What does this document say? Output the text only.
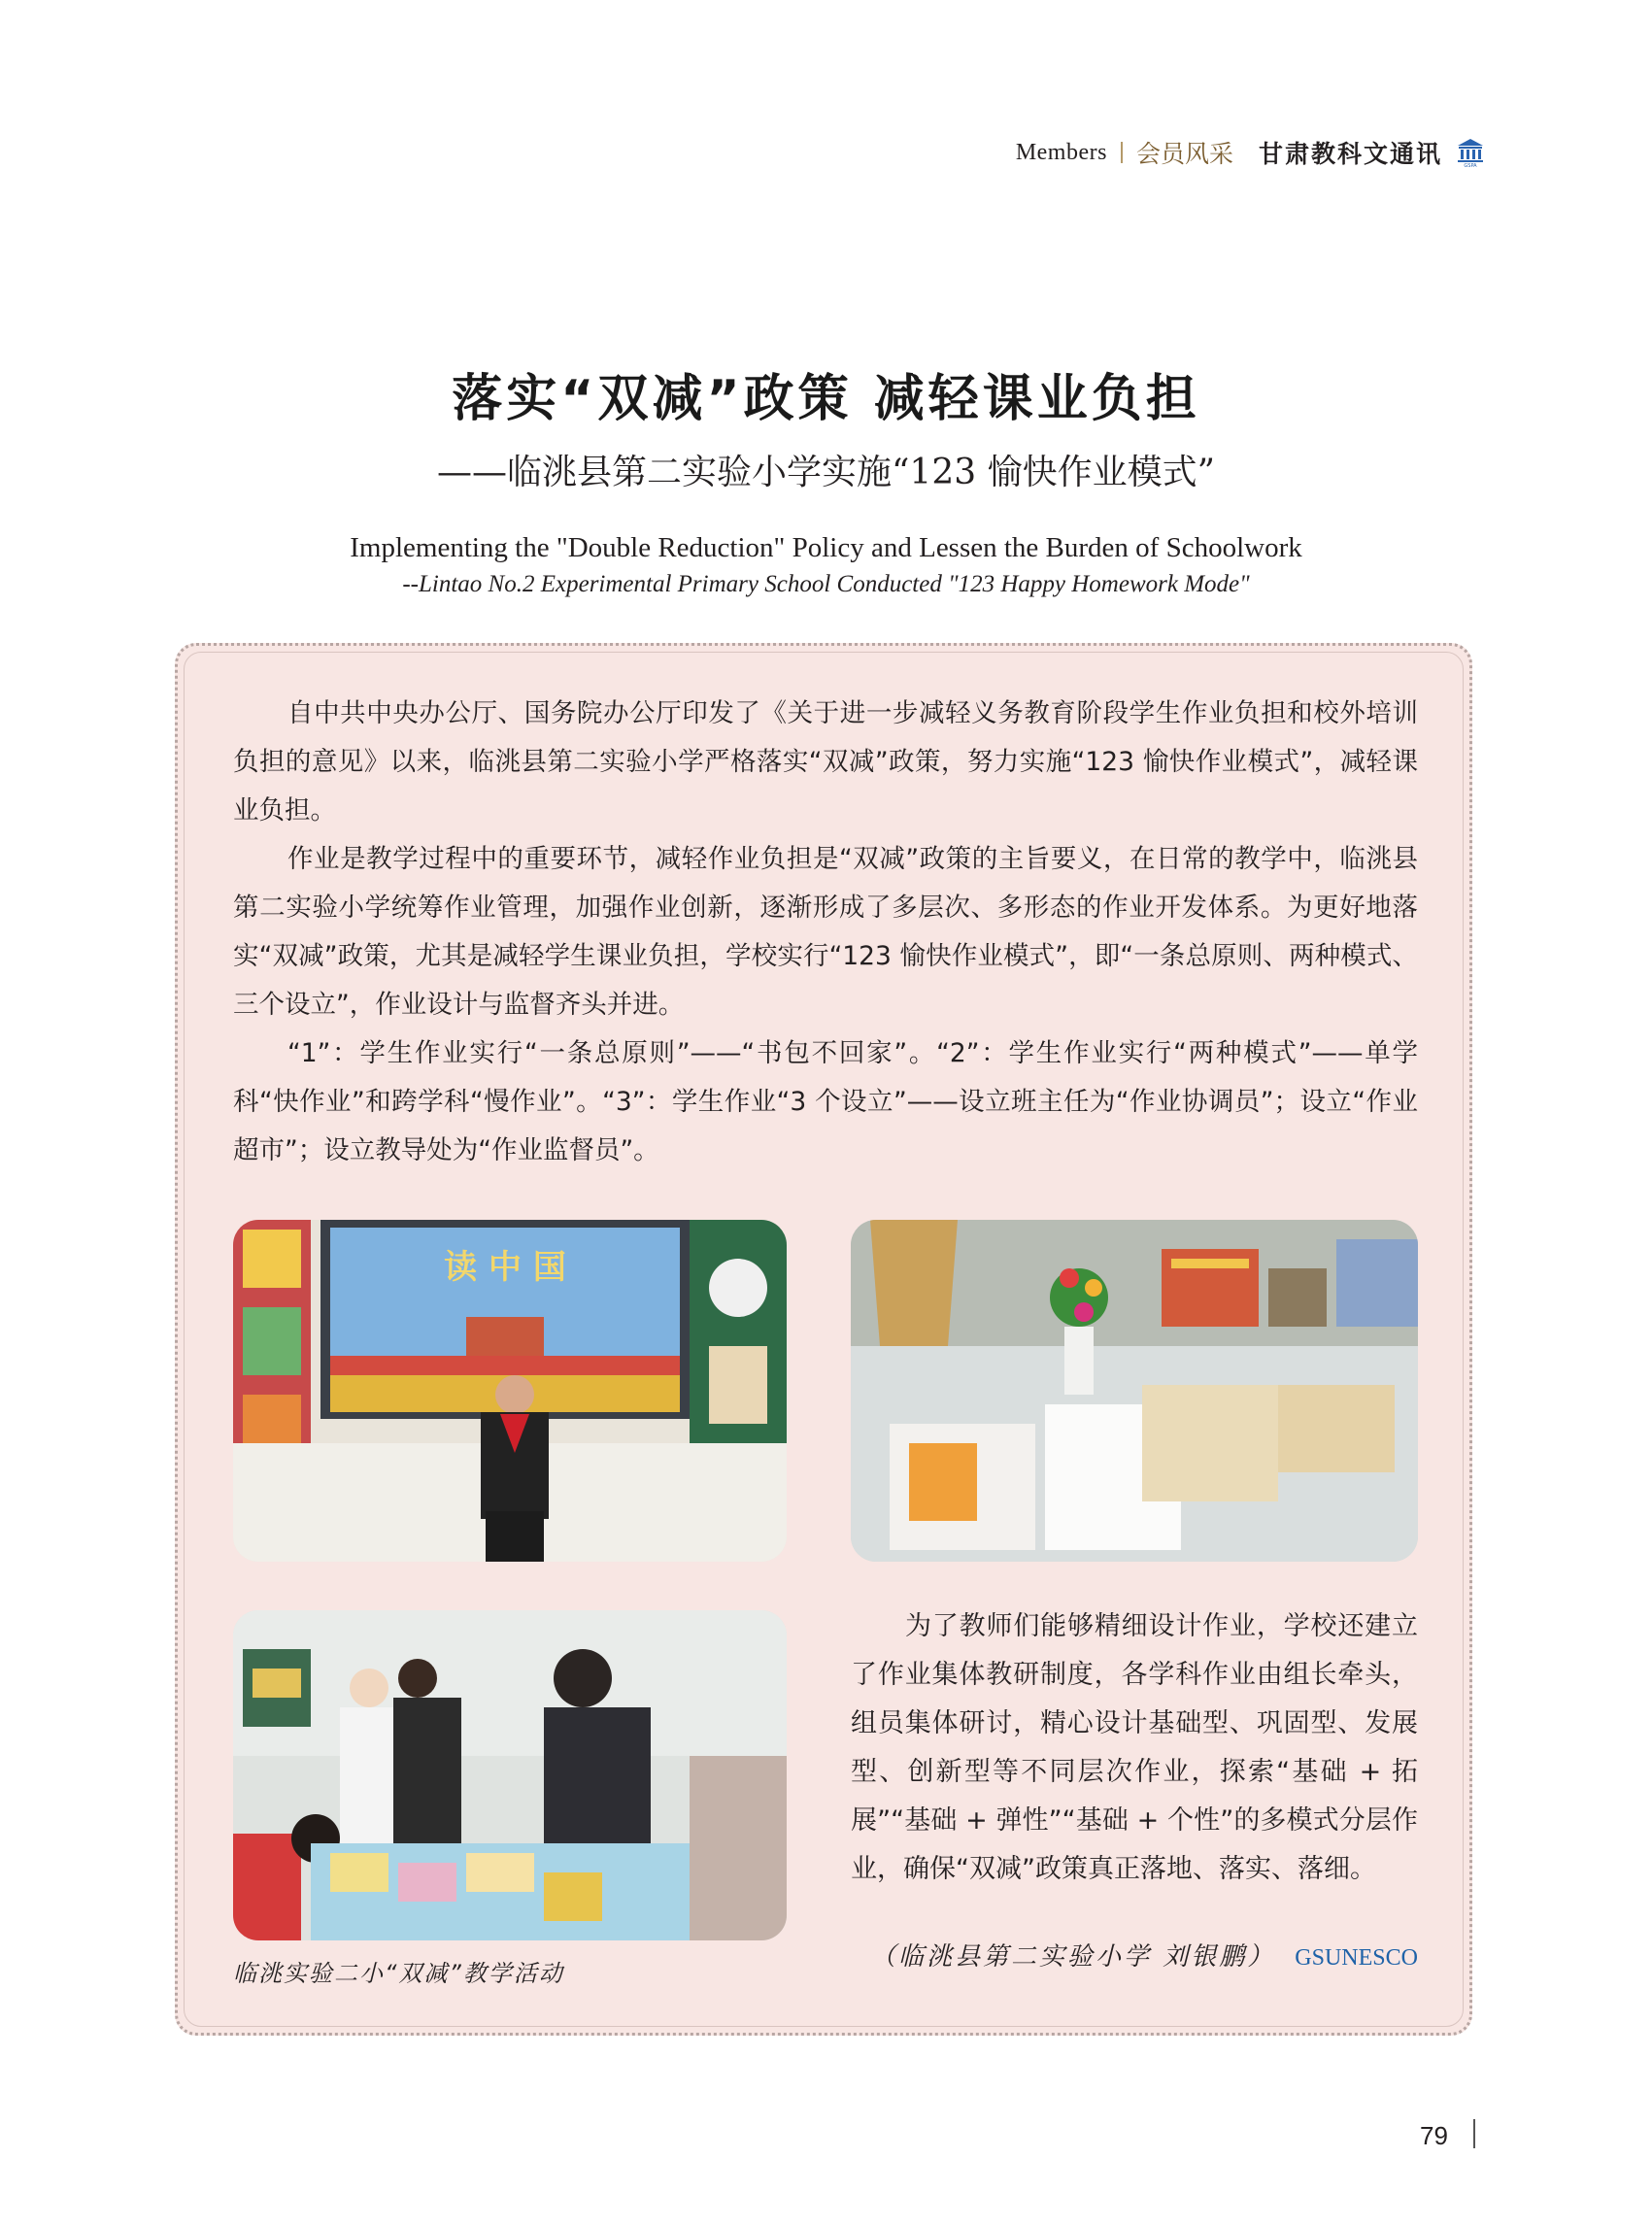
Members 会员风采 甘肃教科文通讯	GSPA
落实“双减”政策 减轻课业负担
——临洮县第二实验小学实施“123 愉快作业模式”
Implementing the "Double Reduction" Policy and Lessen the Burden of Schoolwork
--Lintao No.2 Experimental Primary School Conducted "123 Happy Homework Mode"

自中共中央办公厅、国务院办公厅印发了《关于进一步减轻义务教育阶段学生作业负担和校外培训负担的意见》以来，临洮县第二实验小学严格落实“双减”政策，努力实施“123 愉快作业模式”，减轻课业负担。

作业是教学过程中的重要环节，减轻作业负担是“双减”政策的主旨要义，在日常的教学中，临洮县第二实验小学统筹作业管理，加强作业创新，逐渐形成了多层次、多形态的作业开发体系。为更好地落实“双减”政策，尤其是减轻学生课业负担，学校实行“123 愉快作业模式”，即“一条总原则、两种模式、三个设立”，作业设计与监督齐头并进。

“1”：学生作业实行“一条总原则”——“书包不回家”。“2”：学生作业实行“两种模式”——单学科“快作业”和跨学科“慢作业”。“3”：学生作业“3 个设立”——设立班主任为“作业协调员”；设立“作业超市”；设立教导处为“作业监督员”。

读 中 国
临洮实验二小“双减”教学活动

为了教师们能够精细设计作业，学校还建立了作业集体教研制度，各学科作业由组长牵头，组员集体研讨，精心设计基础型、巩固型、发展型、创新型等不同层次作业，探索“基础 + 拓展”“基础 + 弹性”“基础 + 个性”的多模式分层作业，确保“双减”政策真正落地、落实、落细。

（临洮县第二实验小学 刘银鹏） GSUNESCO
79
